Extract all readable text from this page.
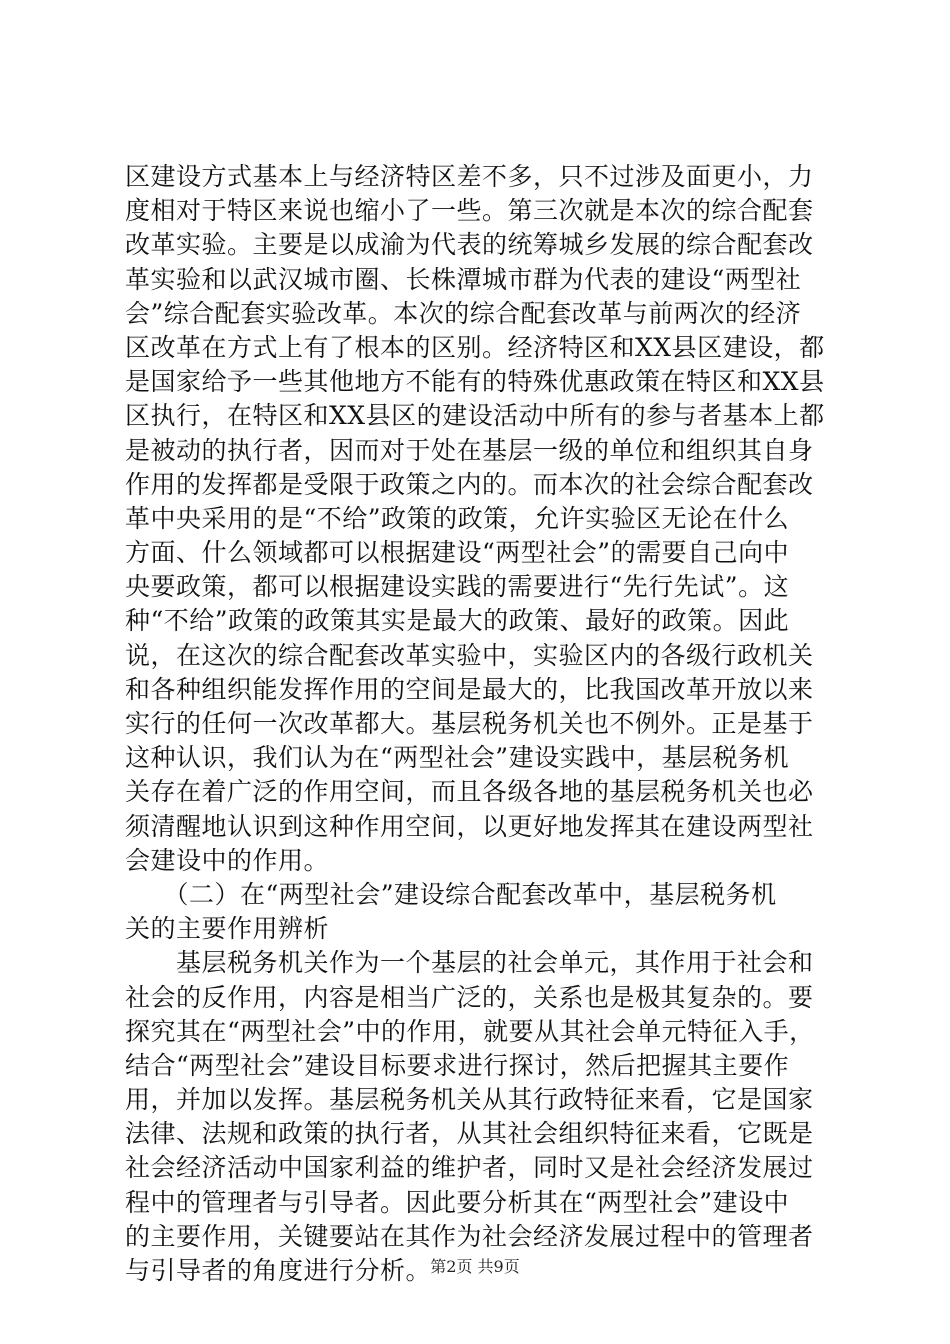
区建设方式基本上与经济特区差不多，只不过涉及面更小，力
度相对于特区来说也缩小了一些。第三次就是本次的综合配套
改革实验。主要是以成渝为代表的统筹城乡发展的综合配套改
革实验和以武汉城市圈、长株潭城市群为代表的建设“两型社
会”综合配套实验改革。本次的综合配套改革与前两次的经济
区改革在方式上有了根本的区别。经济特区和XX县区建设，都
是国家给予一些其他地方不能有的特殊优惠政策在特区和XX县
区执行，在特区和XX县区的建设活动中所有的参与者基本上都
是被动的执行者，因而对于处在基层一级的单位和组织其自身
作用的发挥都是受限于政策之内的。而本次的社会综合配套改
革中央采用的是“不给”政策的政策，允许实验区无论在什么
方面、什么领域都可以根据建设“两型社会”的需要自己向中
央要政策，都可以根据建设实践的需要进行“先行先试”。这
种“不给”政策的政策其实是最大的政策、最好的政策。因此
说，在这次的综合配套改革实验中，实验区内的各级行政机关
和各种组织能发挥作用的空间是最大的，比我国改革开放以来
实行的任何一次改革都大。基层税务机关也不例外。正是基于
这种认识，我们认为在“两型社会”建设实践中，基层税务机
关存在着广泛的作用空间，而且各级各地的基层税务机关也必
须清醒地认识到这种作用空间，以更好地发挥其在建设两型社
会建设中的作用。
　　（二）在“两型社会”建设综合配套改革中，基层税务机
关的主要作用辨析
　　基层税务机关作为一个基层的社会单元，其作用于社会和
社会的反作用，内容是相当广泛的，关系也是极其复杂的。要
探究其在“两型社会”中的作用，就要从其社会单元特征入手，
结合“两型社会”建设目标要求进行探讨，然后把握其主要作
用，并加以发挥。基层税务机关从其行政特征来看，它是国家
法律、法规和政策的执行者，从其社会组织特征来看，它既是
社会经济活动中国家利益的维护者，同时又是社会经济发展过
程中的管理者与引导者。因此要分析其在“两型社会”建设中
的主要作用，关键要站在其作为社会经济发展过程中的管理者
与引导者的角度进行分析。 第2页 共9页
